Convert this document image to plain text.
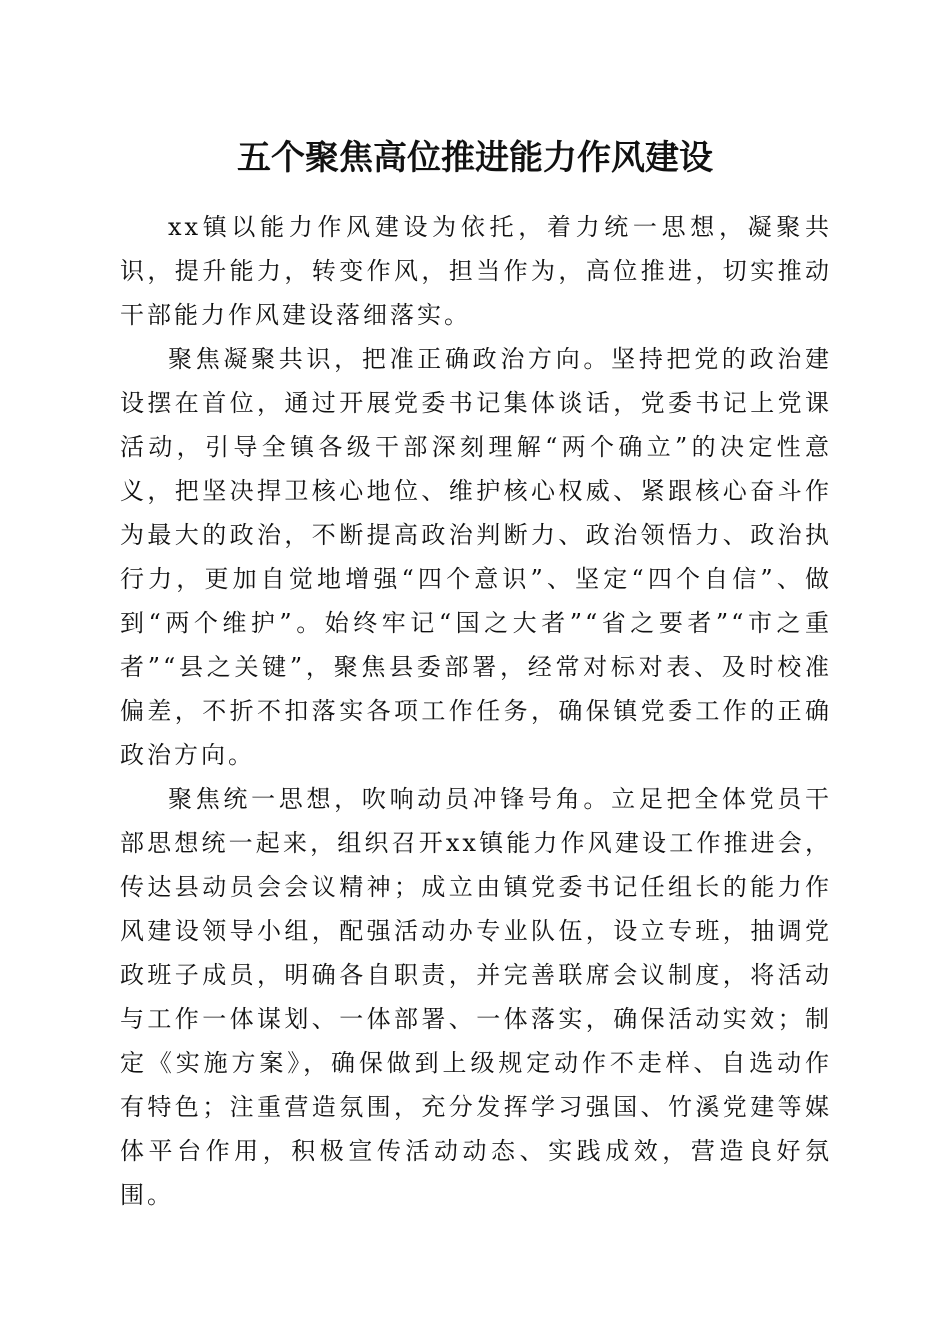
五个聚焦高位推进能力作风建设

xx镇以能力作风建设为依托，着力统一思想，凝聚共识，提升能力，转变作风，担当作为，高位推进，切实推动干部能力作风建设落细落实。

聚焦凝聚共识，把准正确政治方向。坚持把党的政治建设摆在首位，通过开展党委书记集体谈话，党委书记上党课活动，引导全镇各级干部深刻理解“两个确立”的决定性意义，把坚决捍卫核心地位、维护核心权威、紧跟核心奋斗作为最大的政治，不断提高政治判断力、政治领悟力、政治执行力，更加自觉地增强“四个意识”、坚定“四个自信”、做到“两个维护”。始终牢记“国之大者”“省之要者”“市之重者”“县之关键”，聚焦县委部署，经常对标对表、及时校准偏差，不折不扣落实各项工作任务，确保镇党委工作的正确政治方向。

聚焦统一思想，吹响动员冲锋号角。立足把全体党员干部思想统一起来，组织召开xx镇能力作风建设工作推进会，传达县动员会会议精神；成立由镇党委书记任组长的能力作风建设领导小组，配强活动办专业队伍，设立专班，抽调党政班子成员，明确各自职责，并完善联席会议制度，将活动与工作一体谋划、一体部署、一体落实，确保活动实效；制定《实施方案》，确保做到上级规定动作不走样、自选动作有特色；注重营造氛围，充分发挥学习强国、竹溪党建等媒体平台作用，积极宣传活动动态、实践成效，营造良好氛围。
